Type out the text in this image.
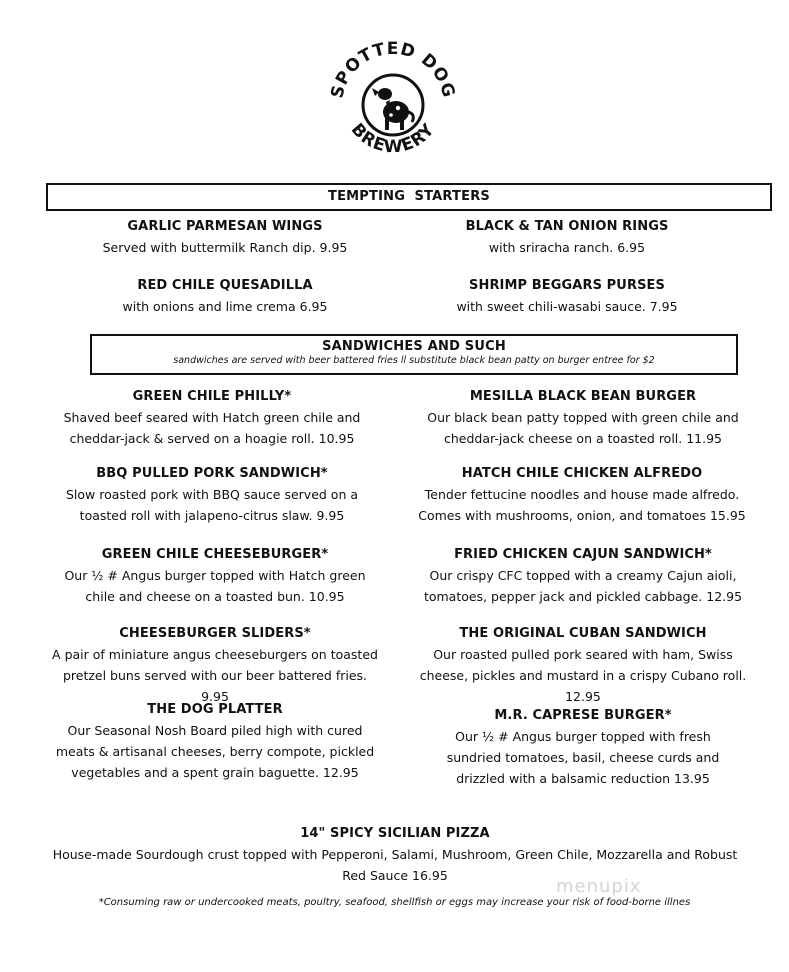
SPOTTED DOG
BREWERY
TEMPTING  STARTERS
GARLIC PARMESAN WINGS
Served with buttermilk Ranch dip. 9.95
BLACK & TAN ONION RINGS
with sriracha ranch. 6.95
RED CHILE QUESADILLA
with onions and lime crema 6.95
SHRIMP BEGGARS PURSES
with sweet chili-wasabi sauce. 7.95
SANDWICHES AND SUCH
sandwiches are served with beer battered fries ll substitute black bean patty on burger entree for $2
GREEN CHILE PHILLY*
Shaved beef seared with Hatch green chile and cheddar-jack & served on a hoagie roll. 10.95
BBQ PULLED PORK SANDWICH*
Slow roasted pork with BBQ sauce served on a toasted roll with jalapeno-citrus slaw. 9.95
GREEN CHILE CHEESEBURGER*
Our ½ # Angus burger topped with Hatch green chile and cheese on a toasted bun. 10.95
CHEESEBURGER SLIDERS*
A pair of miniature angus cheeseburgers on toasted pretzel buns served with our beer battered fries. 9.95
THE DOG PLATTER
Our Seasonal Nosh Board piled high with cured meats & artisanal cheeses, berry compote, pickled vegetables and a spent grain baguette. 12.95
MESILLA BLACK BEAN BURGER
Our black bean patty topped with green chile and cheddar-jack cheese on a toasted roll. 11.95
HATCH CHILE CHICKEN ALFREDO
Tender fettucine noodles and house made alfredo. Comes with mushrooms, onion, and tomatoes 15.95
FRIED CHICKEN CAJUN SANDWICH*
Our crispy CFC topped with a creamy Cajun aioli, tomatoes, pepper jack and pickled cabbage. 12.95
THE ORIGINAL CUBAN SANDWICH
Our roasted pulled pork seared with ham, Swiss cheese, pickles and mustard in a crispy Cubano roll. 12.95
M.R. CAPRESE BURGER*
Our ½ # Angus burger topped with fresh sundried tomatoes, basil, cheese curds and drizzled with a balsamic reduction 13.95
14" SPICY SICILIAN PIZZA
House-made Sourdough crust topped with Pepperoni, Salami, Mushroom, Green Chile, Mozzarella and Robust Red Sauce 16.95
menupix
*Consuming raw or undercooked meats, poultry, seafood, shellfish or eggs may increase your risk of food-borne illnes
